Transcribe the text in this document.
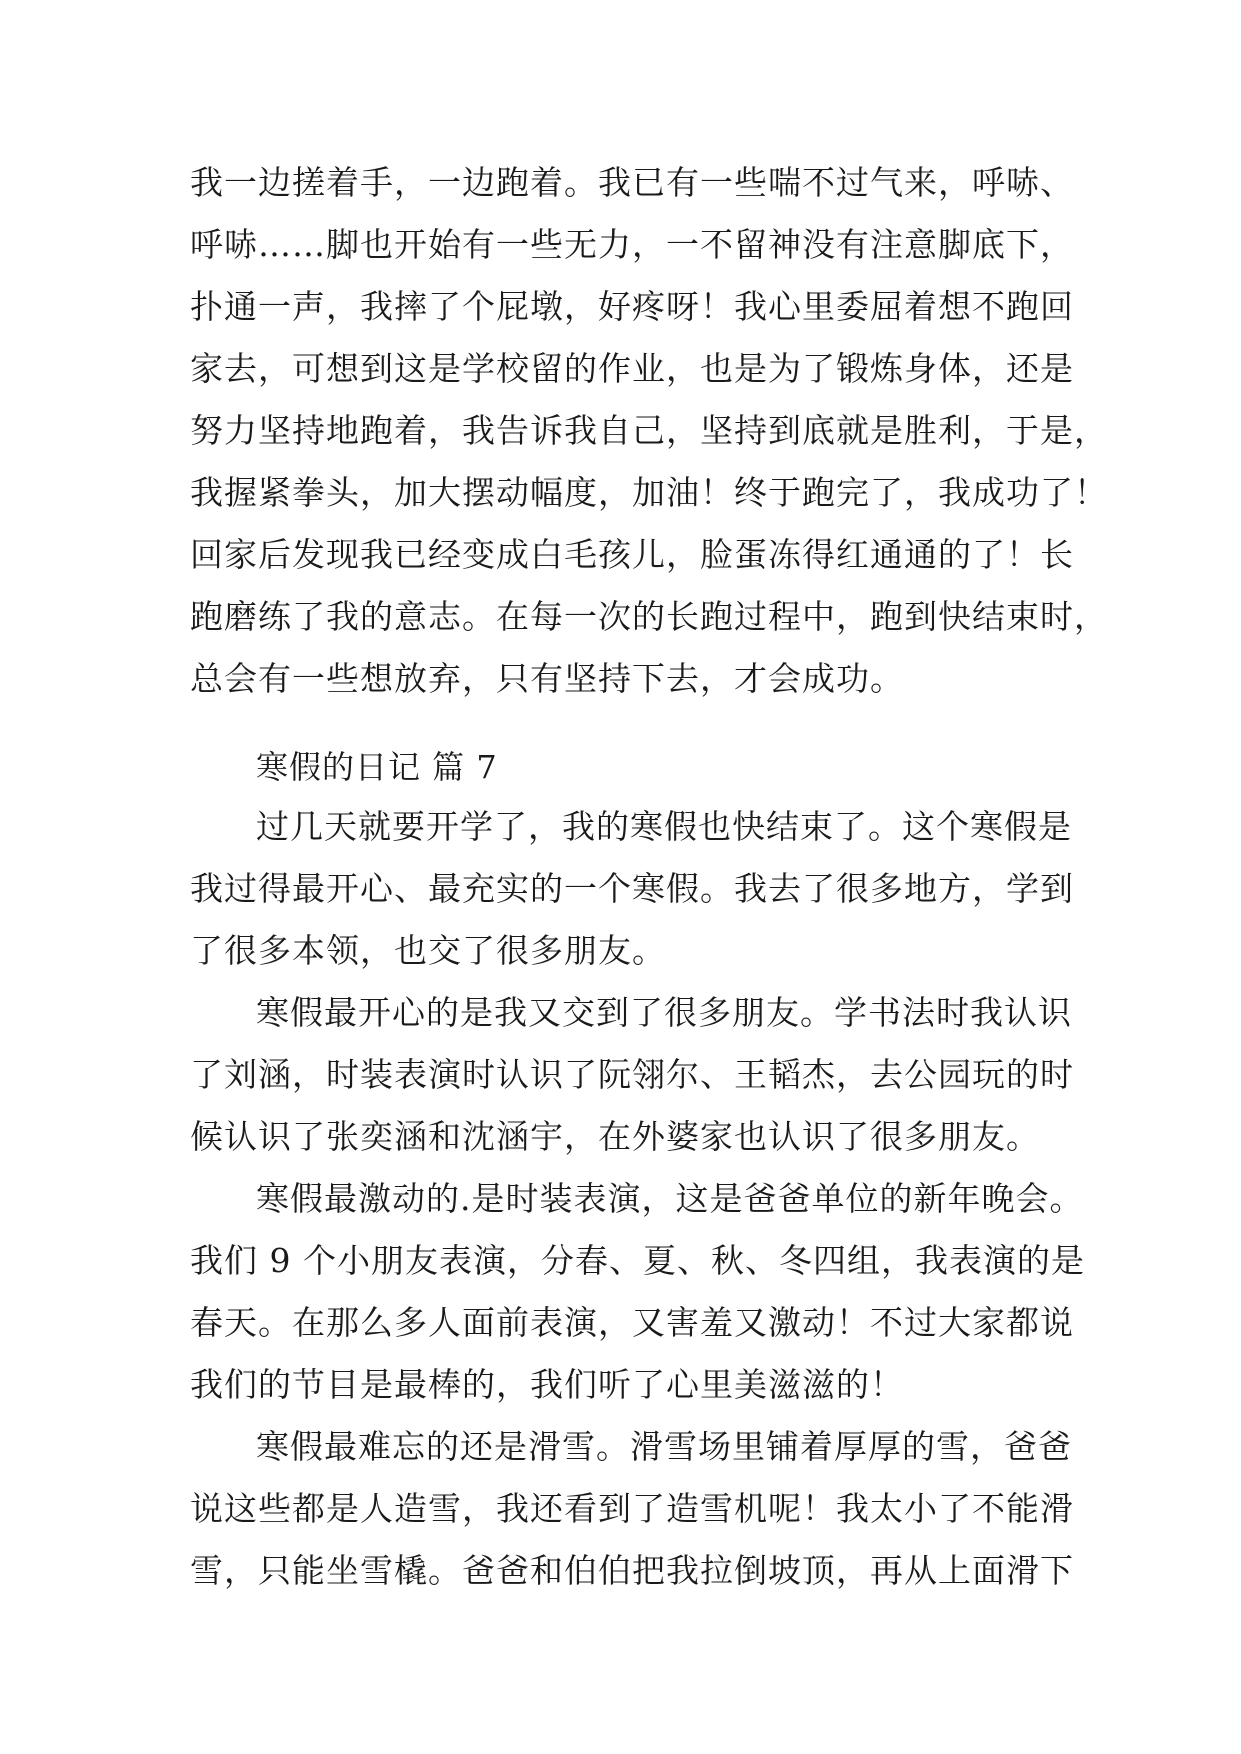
我一边搓着手，一边跑着。我已有一些喘不过气来，呼哧、
呼哧……脚也开始有一些无力，一不留神没有注意脚底下，
扑通一声，我摔了个屁墩，好疼呀！我心里委屈着想不跑回
家去，可想到这是学校留的作业，也是为了锻炼身体，还是
努力坚持地跑着，我告诉我自己，坚持到底就是胜利，于是，
我握紧拳头，加大摆动幅度，加油！终于跑完了，我成功了！
回家后发现我已经变成白毛孩儿，脸蛋冻得红通通的了！长
跑磨练了我的意志。在每一次的长跑过程中，跑到快结束时，
总会有一些想放弃，只有坚持下去，才会成功。
寒假的日记 篇 7
过几天就要开学了，我的寒假也快结束了。这个寒假是
我过得最开心、最充实的一个寒假。我去了很多地方，学到
了很多本领，也交了很多朋友。
寒假最开心的是我又交到了很多朋友。学书法时我认识
了刘涵，时装表演时认识了阮翎尔、王韬杰，去公园玩的时
候认识了张奕涵和沈涵宇，在外婆家也认识了很多朋友。
寒假最激动的.是时装表演，这是爸爸单位的新年晚会。
我们 9 个小朋友表演，分春、夏、秋、冬四组，我表演的是
春天。在那么多人面前表演，又害羞又激动！不过大家都说
我们的节目是最棒的，我们听了心里美滋滋的！
寒假最难忘的还是滑雪。滑雪场里铺着厚厚的雪，爸爸
说这些都是人造雪，我还看到了造雪机呢！我太小了不能滑
雪，只能坐雪橇。爸爸和伯伯把我拉倒坡顶，再从上面滑下
